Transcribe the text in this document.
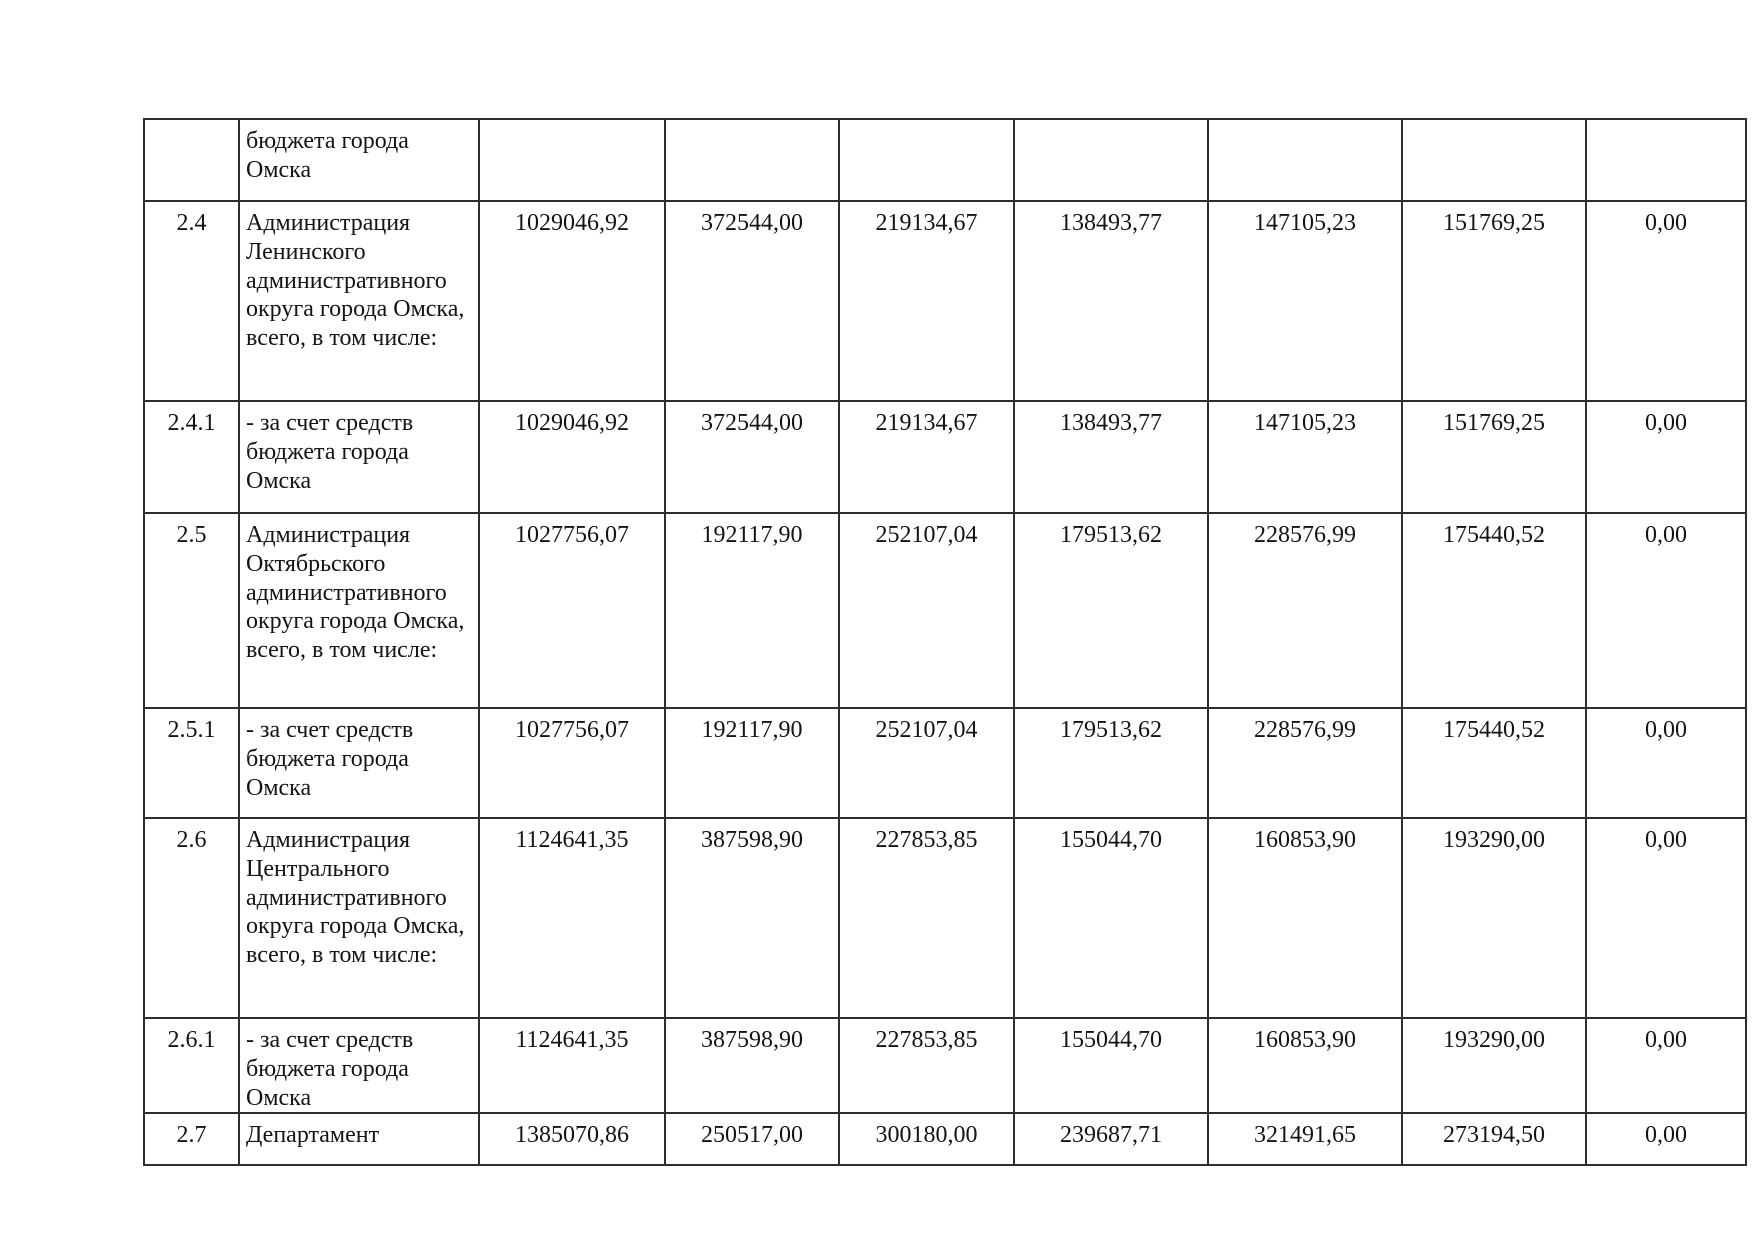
	бюджета города Омска							
2.4	Администрация Ленинского административного округа города Омска, всего, в том числе:	1029046,92	372544,00	219134,67	138493,77	147105,23	151769,25	0,00
2.4.1	- за счет средств бюджета города Омска	1029046,92	372544,00	219134,67	138493,77	147105,23	151769,25	0,00
2.5	Администрация Октябрьского административного округа города Омска, всего, в том числе:	1027756,07	192117,90	252107,04	179513,62	228576,99	175440,52	0,00
2.5.1	- за счет средств бюджета города Омска	1027756,07	192117,90	252107,04	179513,62	228576,99	175440,52	0,00
2.6	Администрация Центрального административного округа города Омска, всего, в том числе:	1124641,35	387598,90	227853,85	155044,70	160853,90	193290,00	0,00
2.6.1	- за счет средств бюджета города Омска	1124641,35	387598,90	227853,85	155044,70	160853,90	193290,00	0,00
2.7	Департамент	1385070,86	250517,00	300180,00	239687,71	321491,65	273194,50	0,00
